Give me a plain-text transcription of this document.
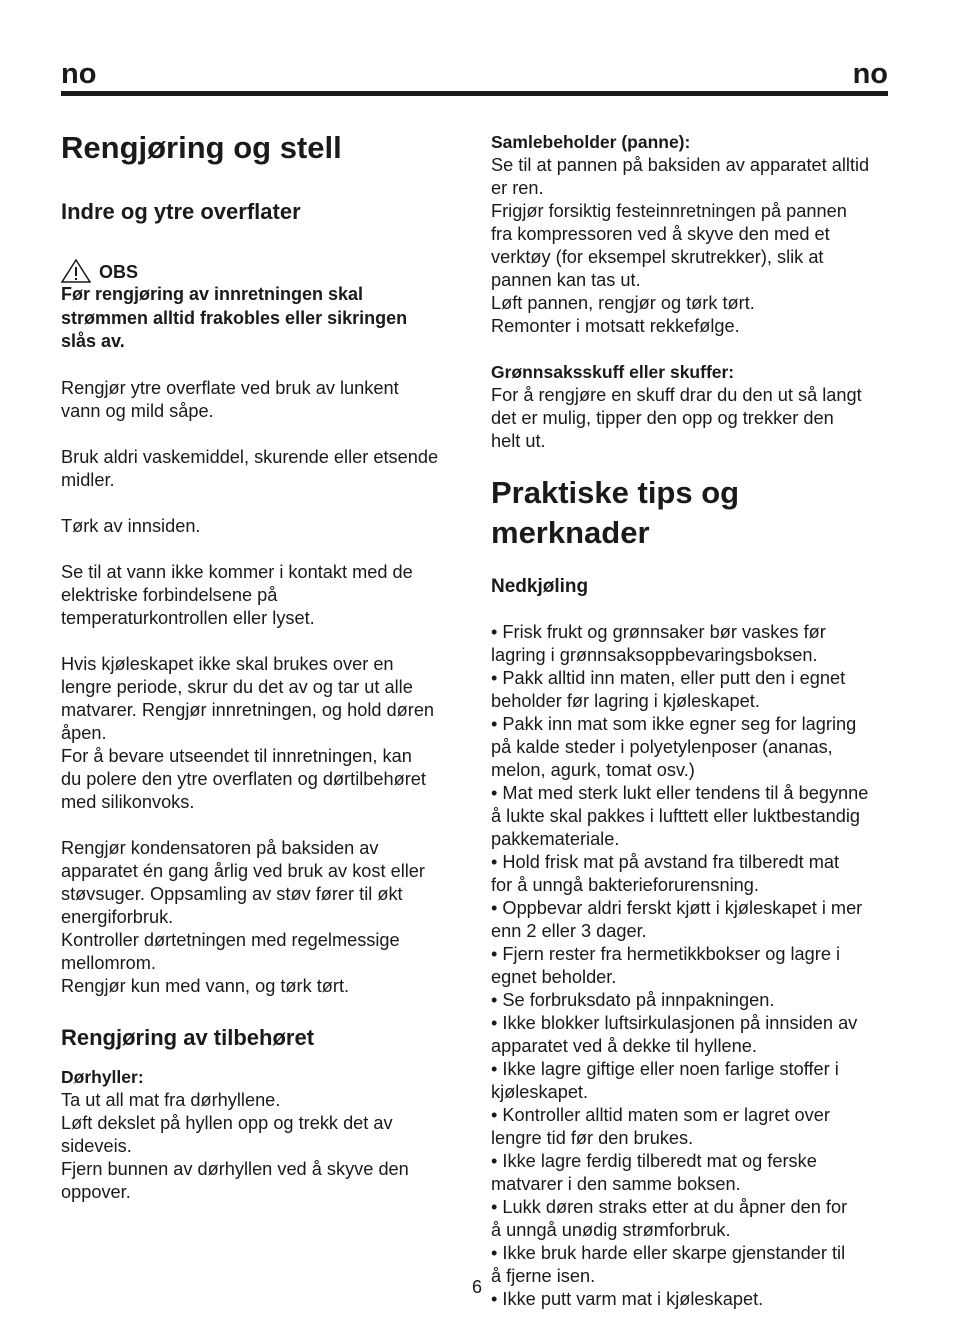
no	no
Rengjøring og stell
Indre og ytre overflater
OBS
Før rengjøring av innretningen skal
strømmen alltid frakobles eller sikringen
slås av.
Rengjør ytre overflate ved bruk av lunkent
vann og mild såpe.
Bruk aldri vaskemiddel, skurende eller etsende
midler.
Tørk av innsiden.
Se til at vann ikke kommer i kontakt med de
elektriske forbindelsene på
temperaturkontrollen eller lyset.
Hvis kjøleskapet ikke skal brukes over en
lengre periode, skrur du det av og tar ut alle
matvarer. Rengjør innretningen, og hold døren
åpen.
For å bevare utseendet til innretningen, kan
du polere den ytre overflaten og dørtilbehøret
med silikonvoks.
Rengjør kondensatoren på baksiden av
apparatet én gang årlig ved bruk av kost eller
støvsuger. Oppsamling av støv fører til økt
energiforbruk.
Kontroller dørtetningen med regelmessige
mellomrom.
Rengjør kun med vann, og tørk tørt.
Rengjøring av tilbehøret
Dørhyller:
Ta ut all mat fra dørhyllene.
Løft dekslet på hyllen opp og trekk det av
sideveis.
Fjern bunnen av dørhyllen ved å skyve den
oppover.
Samlebeholder (panne):
Se til at pannen på baksiden av apparatet alltid
er ren.
Frigjør forsiktig festeinnretningen på pannen
fra kompressoren ved å skyve den med et
verktøy (for eksempel skrutrekker), slik at
pannen kan tas ut.
Løft pannen, rengjør og tørk tørt.
Remonter i motsatt rekkefølge.
Grønnsaksskuff eller skuffer:
For å rengjøre en skuff drar du den ut så langt
det er mulig, tipper den opp og trekker den
helt ut.
Praktiske tips og merknader
Nedkjøling
• Frisk frukt og grønnsaker bør vaskes før
lagring i grønnsaksoppbevaringsboksen.
• Pakk alltid inn maten, eller putt den i egnet
beholder før lagring i kjøleskapet.
• Pakk inn mat som ikke egner seg for lagring
på kalde steder i polyetylenposer (ananas,
melon, agurk, tomat osv.)
• Mat med sterk lukt eller tendens til å begynne
å lukte skal pakkes i lufttett eller luktbestandig
pakkemateriale.
• Hold frisk mat på avstand fra tilberedt mat
for å unngå bakterieforurensning.
• Oppbevar aldri ferskt kjøtt i kjøleskapet i mer
enn 2 eller 3 dager.
• Fjern rester fra hermetikkbokser og lagre i
egnet beholder.
• Se forbruksdato på innpakningen.
• Ikke blokker luftsirkulasjonen på innsiden av
apparatet ved å dekke til hyllene.
• Ikke lagre giftige eller noen farlige stoffer i
kjøleskapet.
• Kontroller alltid maten som er lagret over
lengre tid før den brukes.
• Ikke lagre ferdig tilberedt mat og ferske
matvarer i den samme boksen.
• Lukk døren straks etter at du åpner den for
å unngå unødig strømforbruk.
• Ikke bruk harde eller skarpe gjenstander til
å fjerne isen.
• Ikke putt varm mat i kjøleskapet.
6
